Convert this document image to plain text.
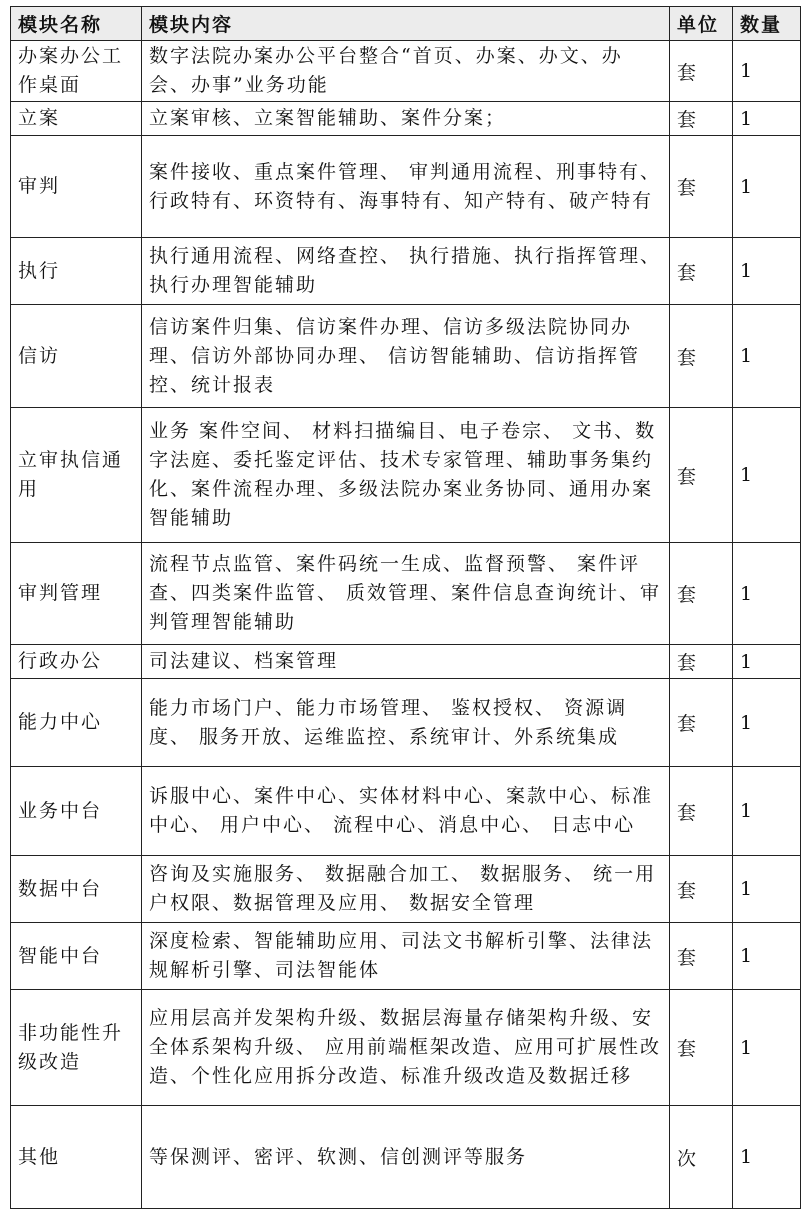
模块名称	模块内容	单位	数量
办案办公工作桌面	数字法院办案办公平台整合“首页、办案、办文、办会、办事”业务功能	套	1
立案	立案审核、立案智能辅助、案件分案；	套	1
审判	案件接收、重点案件管理、 审判通用流程、刑事特有、行政特有、环资特有、海事特有、知产特有、破产特有	套	1
执行	执行通用流程、网络查控、 执行措施、执行指挥管理、执行办理智能辅助	套	1
信访	信访案件归集、信访案件办理、信访多级法院协同办理、信访外部协同办理、 信访智能辅助、信访指挥管控、统计报表	套	1
立审执信通用	业务 案件空间、 材料扫描编目、电子卷宗、 文书、数字法庭、委托鉴定评估、技术专家管理、辅助事务集约化、案件流程办理、多级法院办案业务协同、通用办案智能辅助	套	1
审判管理	流程节点监管、案件码统一生成、监督预警、 案件评查、四类案件监管、 质效管理、案件信息查询统计、审判管理智能辅助	套	1
行政办公	司法建议、档案管理	套	1
能力中心	能力市场门户、能力市场管理、 鉴权授权、 资源调度、 服务开放、运维监控、系统审计、外系统集成	套	1
业务中台	诉服中心、案件中心、实体材料中心、案款中心、标准中心、 用户中心、 流程中心、消息中心、 日志中心	套	1
数据中台	咨询及实施服务、 数据融合加工、 数据服务、 统一用户权限、数据管理及应用、 数据安全管理	套	1
智能中台	深度检索、智能辅助应用、司法文书解析引擎、法律法规解析引擎、司法智能体	套	1
非功能性升级改造	应用层高并发架构升级、数据层海量存储架构升级、安全体系架构升级、 应用前端框架改造、应用可扩展性改造、个性化应用拆分改造、标准升级改造及数据迁移	套	1
其他	等保测评、密评、软测、信创测评等服务	次	1
